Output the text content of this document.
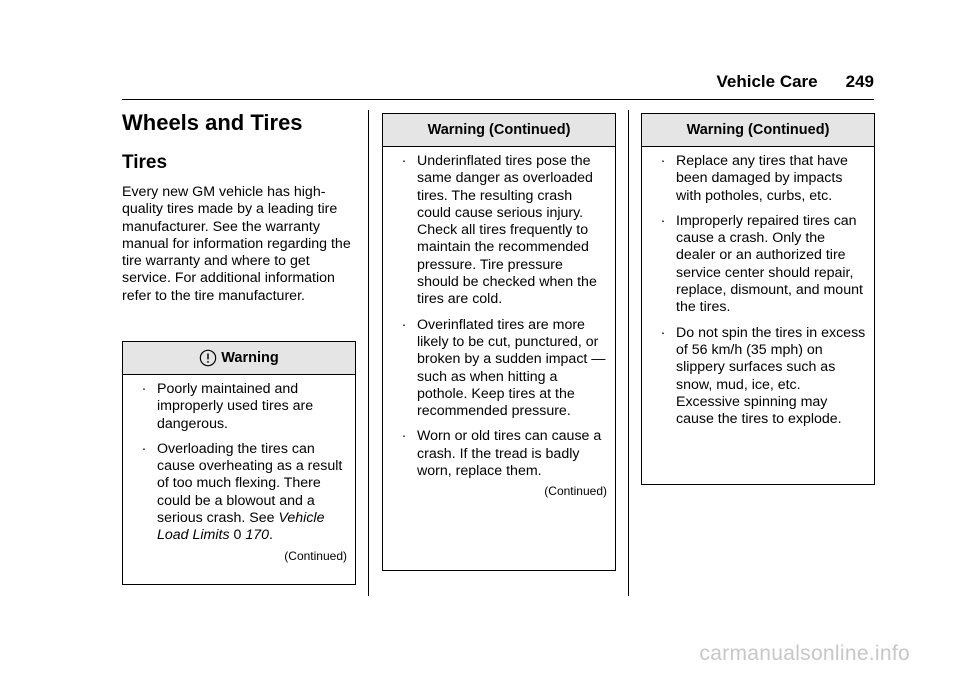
Vehicle Care 249
Wheels and Tires
Tires

Every new GM vehicle has high-quality tires made by a leading tire manufacturer. See the warranty manual for information regarding the tire warranty and where to get service. For additional information refer to the tire manufacturer.

Warning
· Poorly maintained and improperly used tires are dangerous.
· Overloading the tires can cause overheating as a result of too much flexing. There could be a blowout and a serious crash. See Vehicle Load Limits 0 170.
(Continued)
Warning (Continued)
· Underinflated tires pose the same danger as overloaded tires. The resulting crash could cause serious injury. Check all tires frequently to maintain the recommended pressure. Tire pressure should be checked when the tires are cold.
· Overinflated tires are more likely to be cut, punctured, or broken by a sudden impact — such as when hitting a pothole. Keep tires at the recommended pressure.
· Worn or old tires can cause a crash. If the tread is badly worn, replace them.
(Continued)
Warning (Continued)
· Replace any tires that have been damaged by impacts with potholes, curbs, etc.
· Improperly repaired tires can cause a crash. Only the dealer or an authorized tire service center should repair, replace, dismount, and mount the tires.
· Do not spin the tires in excess of 56 km/h (35 mph) on slippery surfaces such as snow, mud, ice, etc. Excessive spinning may cause the tires to explode.
carmanualsonline.info
